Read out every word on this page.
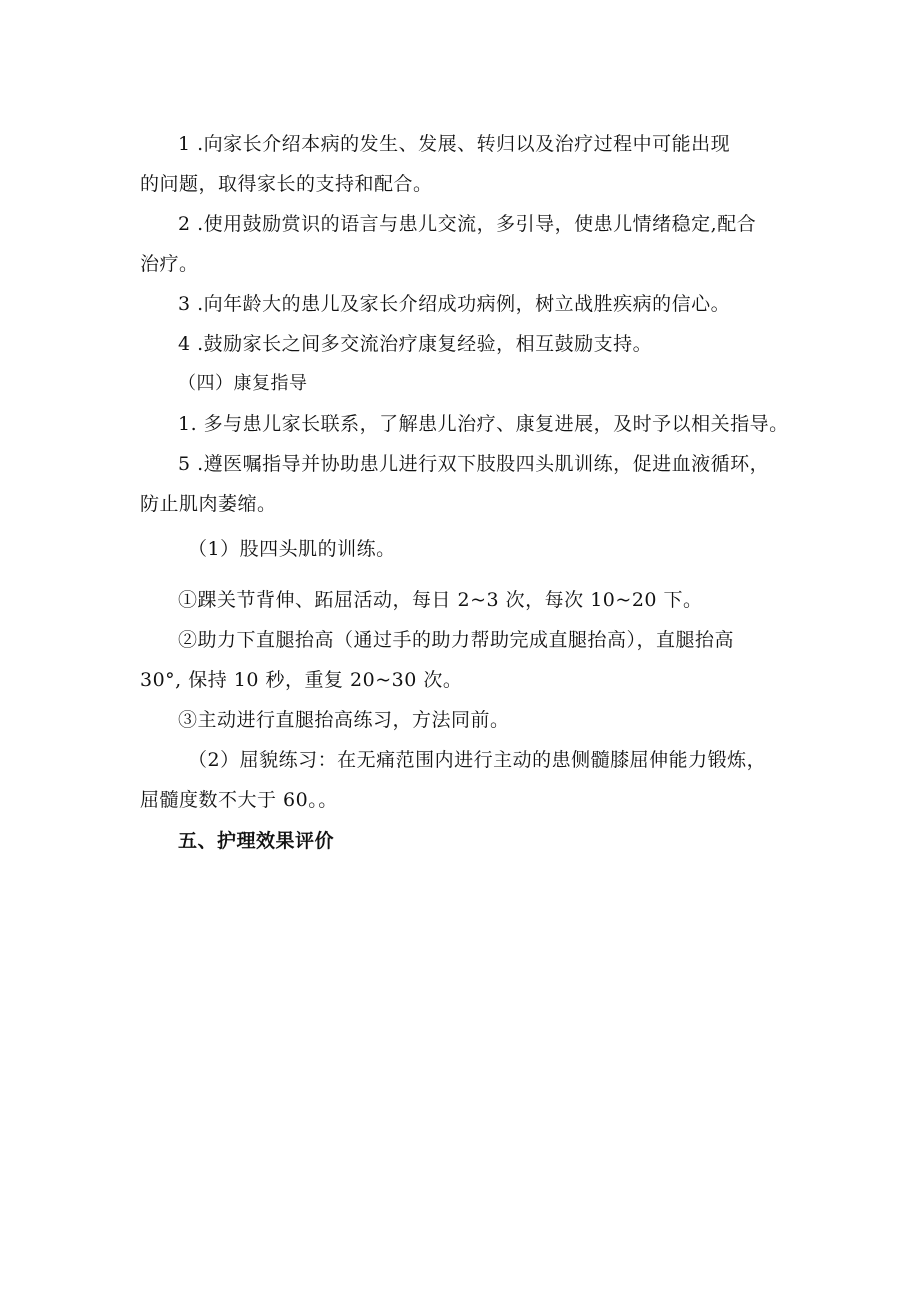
1 .向家长介绍本病的发生、发展、转归以及治疗过程中可能出现
的问题，取得家长的支持和配合。
2 .使用鼓励赏识的语言与患儿交流，多引导，使患儿情绪稳定,配合
治疗。
3 .向年龄大的患儿及家长介绍成功病例，树立战胜疾病的信心。
4 .鼓励家长之间多交流治疗康复经验，相互鼓励支持。
（四）康复指导
1. 多与患儿家长联系，了解患儿治疗、康复进展，及时予以相关指导。
5 .遵医嘱指导并协助患儿进行双下肢股四头肌训练，促进血液循环，
防止肌肉萎缩。
（1）股四头肌的训练。
①踝关节背伸、跖屈活动，每日 2~3 次，每次 10~20 下。
②助力下直腿抬高（通过手的助力帮助完成直腿抬高），直腿抬高
30°, 保持 10 秒，重复 20~30 次。
③主动进行直腿抬高练习，方法同前。
（2）屈貌练习：在无痛范围内进行主动的患侧髓膝屈伸能力锻炼，
屈髓度数不大于 60。。
五、护理效果评价
